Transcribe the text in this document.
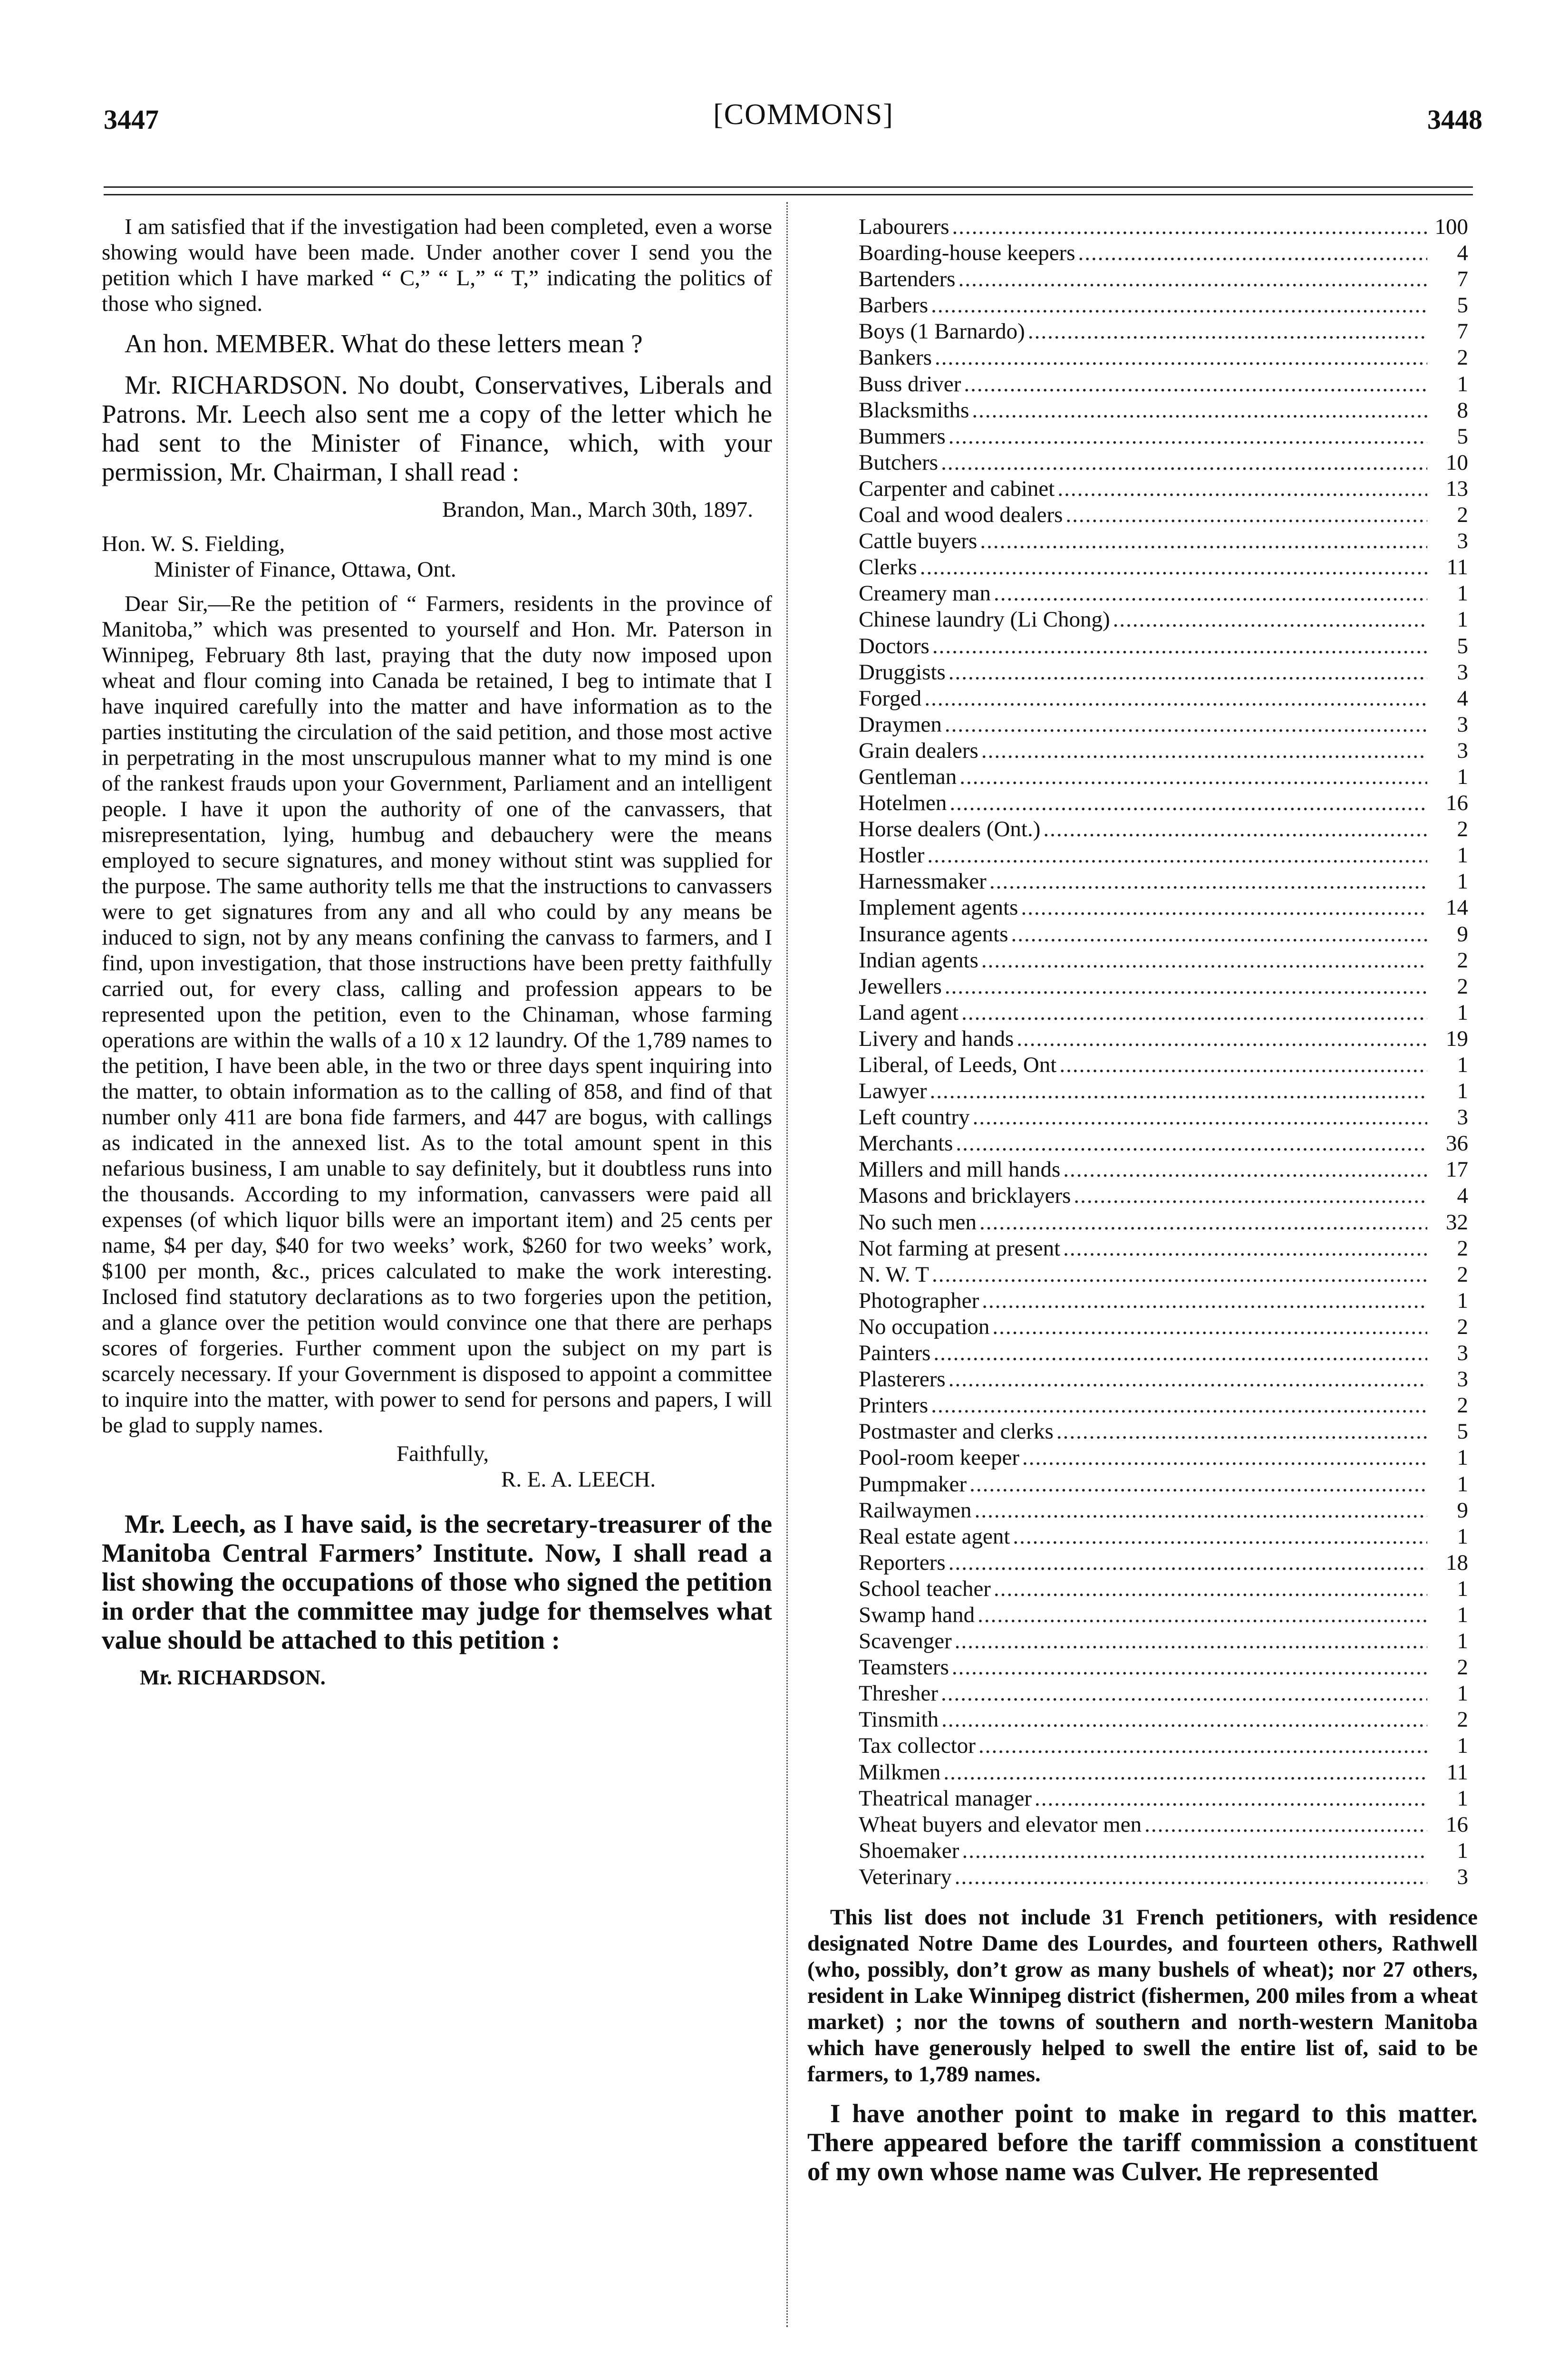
3447	[COMMONS]	3448

I am satisfied that if the investigation had been completed, even a worse showing would have been made. Under another cover I send you the petition which I have marked “ C,” “ L,” “ T,” indicating the politics of those who signed.

An hon. MEMBER. What do these letters mean ?

Mr. RICHARDSON. No doubt, Conservatives, Liberals and Patrons. Mr. Leech also sent me a copy of the letter which he had sent to the Minister of Finance, which, with your permission, Mr. Chairman, I shall read :

Brandon, Man., March 30th, 1897.

Hon. W. S. Fielding,

Minister of Finance, Ottawa, Ont.

Dear Sir,—Re the petition of “ Farmers, residents in the province of Manitoba,” which was presented to yourself and Hon. Mr. Paterson in Winnipeg, February 8th last, praying that the duty now imposed upon wheat and flour coming into Canada be retained, I beg to intimate that I have inquired carefully into the matter and have information as to the parties instituting the circulation of the said petition, and those most active in perpetrating in the most unscrupulous manner what to my mind is one of the rankest frauds upon your Government, Parliament and an intelligent people. I have it upon the authority of one of the canvassers, that misrepresentation, lying, humbug and debauchery were the means employed to secure signatures, and money without stint was supplied for the purpose. The same authority tells me that the instructions to canvassers were to get signatures from any and all who could by any means be induced to sign, not by any means confining the canvass to farmers, and I find, upon investigation, that those instructions have been pretty faithfully carried out, for every class, calling and profession appears to be represented upon the petition, even to the Chinaman, whose farming operations are within the walls of a 10 x 12 laundry. Of the 1,789 names to the petition, I have been able, in the two or three days spent inquiring into the matter, to obtain information as to the calling of 858, and find of that number only 411 are bona fide farmers, and 447 are bogus, with callings as indicated in the annexed list. As to the total amount spent in this nefarious business, I am unable to say definitely, but it doubtless runs into the thousands. According to my information, canvassers were paid all expenses (of which liquor bills were an important item) and 25 cents per name, $4 per day, $40 for two weeks’ work, $260 for two weeks’ work, $100 per month, &c., prices calculated to make the work interesting. Inclosed find statutory declarations as to two forgeries upon the petition, and a glance over the petition would convince one that there are perhaps scores of forgeries. Further comment upon the subject on my part is scarcely necessary. If your Government is disposed to appoint a committee to inquire into the matter, with power to send for persons and papers, I will be glad to supply names.

Faithfully,

R. E. A. LEECH.

Mr. Leech, as I have said, is the secretary-treasurer of the Manitoba Central Farmers’ Institute. Now, I shall read a list showing the occupations of those who signed the petition in order that the committee may judge for themselves what value should be attached to this petition :

Mr. RICHARDSON.

Labourers .....	100
Boarding-house keepers .....	4
Bartenders .....	7
Barbers .....	5
Boys (1 Barnardo) .....	7
Bankers .....	2
Buss driver .....	1
Blacksmiths .....	8
Bummers .....	5
Butchers .....	10
Carpenter and cabinet .....	13
Coal and wood dealers .....	2
Cattle buyers .....	3
Clerks .....	11
Creamery man .....	1
Chinese laundry (Li Chong) .....	1
Doctors .....	5
Druggists .....	3
Forged .....	4
Draymen .....	3
Grain dealers .....	3
Gentleman .....	1
Hotelmen .....	16
Horse dealers (Ont.) .....	2
Hostler .....	1
Harnessmaker .....	1
Implement agents .....	14
Insurance agents .....	9
Indian agents .....	2
Jewellers .....	2
Land agent .....	1
Livery and hands .....	19
Liberal, of Leeds, Ont .....	1
Lawyer .....	1
Left country .....	3
Merchants .....	36
Millers and mill hands .....	17
Masons and bricklayers .....	4
No such men .....	32
Not farming at present .....	2
N. W. T .....	2
Photographer .....	1
No occupation .....	2
Painters .....	3
Plasterers .....	3
Printers .....	2
Postmaster and clerks .....	5
Pool-room keeper .....	1
Pumpmaker .....	1
Railwaymen .....	9
Real estate agent .....	1
Reporters .....	18
School teacher .....	1
Swamp hand .....	1
Scavenger .....	1
Teamsters .....	2
Thresher .....	1
Tinsmith .....	2
Tax collector .....	1
Milkmen .....	11
Theatrical manager .....	1
Wheat buyers and elevator men .....	16
Shoemaker .....	1
Veterinary .....	3

This list does not include 31 French petitioners, with residence designated Notre Dame des Lourdes, and fourteen others, Rathwell (who, possibly, don’t grow as many bushels of wheat); nor 27 others, resident in Lake Winnipeg district (fishermen, 200 miles from a wheat market) ; nor the towns of southern and north-western Manitoba which have generously helped to swell the entire list of, said to be farmers, to 1,789 names.

I have another point to make in regard to this matter. There appeared before the tariff commission a constituent of my own whose name was Culver. He represented
